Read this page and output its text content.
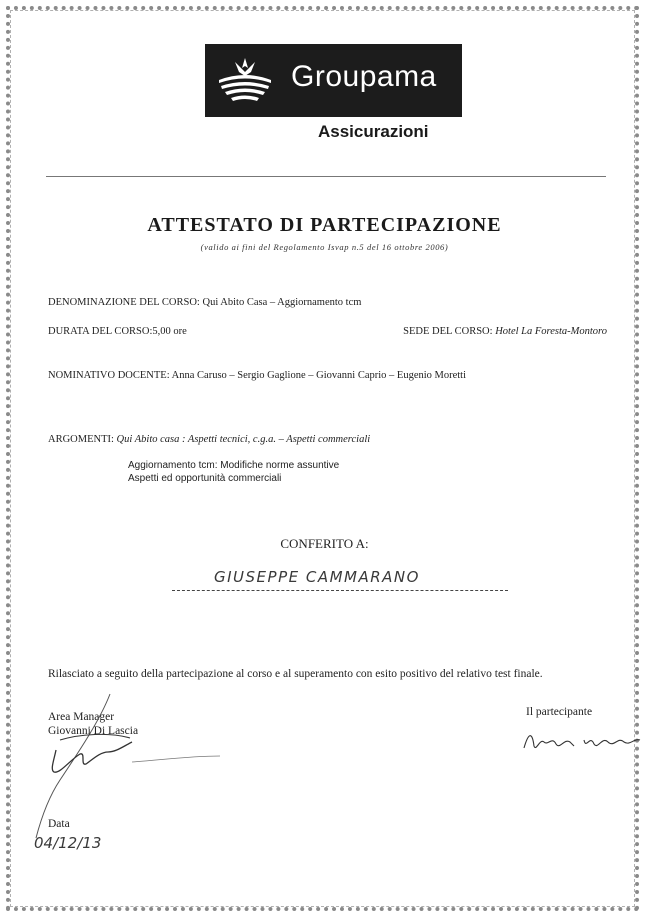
Groupama
Assicurazioni
ATTESTATO DI PARTECIPAZIONE
(valido ai fini del Regolamento Isvap n.5 del 16 ottobre 2006)
DENOMINAZIONE DEL CORSO: Qui Abito Casa – Aggiornamento tcm
DURATA DEL CORSO:5,00 ore	SEDE DEL CORSO: Hotel La Foresta-Montoro
NOMINATIVO DOCENTE: Anna Caruso – Sergio Gaglione – Giovanni Caprio – Eugenio Moretti
ARGOMENTI: Qui Abito casa : Aspetti tecnici, c.g.a. – Aspetti commerciali
Aggiornamento tcm: Modifiche norme assuntive
Aspetti ed opportunità commerciali
CONFERITO A:
GIUSEPPE CAMMARANO
Rilasciato a seguito della partecipazione al corso e al superamento con esito positivo del relativo test finale.
Area Manager
Giovanni Di Lascia
Il partecipante
Data
04/12/13
